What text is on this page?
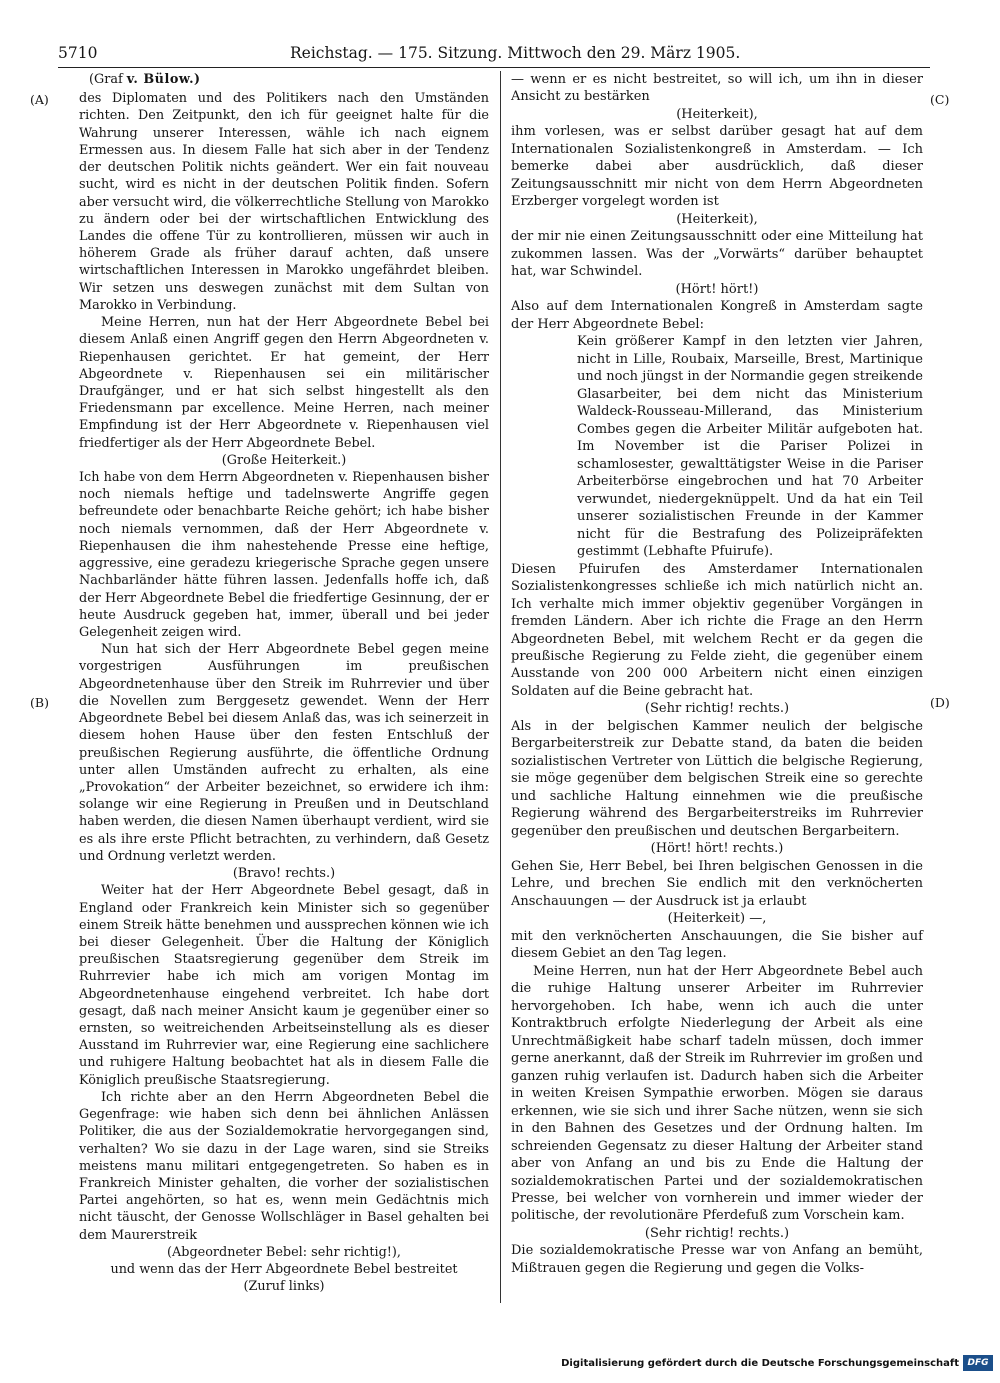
5710	Reichstag. — 175. Sitzung. Mittwoch den 29. März 1905.
(A)
(B)
(C)
(D)
(Graf v. Bülow.)

des Diplomaten und des Politikers nach den Umständen richten. Den Zeitpunkt, den ich für geeignet halte für die Wahrung unserer Interessen, wähle ich nach eignem Ermessen aus. In diesem Falle hat sich aber in der Tendenz der deutschen Politik nichts geändert. Wer ein fait nouveau sucht, wird es nicht in der deutschen Politik finden. Sofern aber versucht wird, die völkerrechtliche Stellung von Marokko zu ändern oder bei der wirtschaftlichen Entwicklung des Landes die offene Tür zu kontrollieren, müssen wir auch in höherem Grade als früher darauf achten, daß unsere wirtschaftlichen Interessen in Marokko ungefährdet bleiben. Wir setzen uns deswegen zunächst mit dem Sultan von Marokko in Verbindung.

Meine Herren, nun hat der Herr Abgeordnete Bebel bei diesem Anlaß einen Angriff gegen den Herrn Abgeordneten v. Riepenhausen gerichtet. Er hat gemeint, der Herr Abgeordnete v. Riepenhausen sei ein militärischer Draufgänger, und er hat sich selbst hingestellt als den Friedensmann par excellence. Meine Herren, nach meiner Empfindung ist der Herr Abgeordnete v. Riepenhausen viel friedfertiger als der Herr Abgeordnete Bebel.

(Große Heiterkeit.)

Ich habe von dem Herrn Abgeordneten v. Riepenhausen bisher noch niemals heftige und tadelnswerte Angriffe gegen befreundete oder benachbarte Reiche gehört; ich habe bisher noch niemals vernommen, daß der Herr Abgeordnete v. Riepenhausen die ihm nahestehende Presse eine heftige, aggressive, eine geradezu kriegerische Sprache gegen unsere Nachbarländer hätte führen lassen. Jedenfalls hoffe ich, daß der Herr Abgeordnete Bebel die friedfertige Gesinnung, der er heute Ausdruck gegeben hat, immer, überall und bei jeder Gelegenheit zeigen wird.

Nun hat sich der Herr Abgeordnete Bebel gegen meine vorgestrigen Ausführungen im preußischen Abgeordnetenhause über den Streik im Ruhrrevier und über die Novellen zum Berggesetz gewendet. Wenn der Herr Abgeordnete Bebel bei diesem Anlaß das, was ich seinerzeit in diesem hohen Hause über den festen Entschluß der preußischen Regierung ausführte, die öffentliche Ordnung unter allen Umständen aufrecht zu erhalten, als eine „Provokation“ der Arbeiter bezeichnet, so erwidere ich ihm: solange wir eine Regierung in Preußen und in Deutschland haben werden, die diesen Namen überhaupt verdient, wird sie es als ihre erste Pflicht betrachten, zu verhindern, daß Gesetz und Ordnung verletzt werden.

(Bravo! rechts.)

Weiter hat der Herr Abgeordnete Bebel gesagt, daß in England oder Frankreich kein Minister sich so gegenüber einem Streik hätte benehmen und aussprechen können wie ich bei dieser Gelegenheit. Über die Haltung der Königlich preußischen Staatsregierung gegenüber dem Streik im Ruhrrevier habe ich mich am vorigen Montag im Abgeordnetenhause eingehend verbreitet. Ich habe dort gesagt, daß nach meiner Ansicht kaum je gegenüber einer so ernsten, so weitreichenden Arbeitseinstellung als es dieser Ausstand im Ruhrrevier war, eine Regierung eine sachlichere und ruhigere Haltung beobachtet hat als in diesem Falle die Königlich preußische Staatsregierung.

Ich richte aber an den Herrn Abgeordneten Bebel die Gegenfrage: wie haben sich denn bei ähnlichen Anlässen Politiker, die aus der Sozialdemokratie hervorgegangen sind, verhalten? Wo sie dazu in der Lage waren, sind sie Streiks meistens manu militari entgegengetreten. So haben es in Frankreich Minister gehalten, die vorher der sozialistischen Partei angehörten, so hat es, wenn mein Gedächtnis mich nicht täuscht, der Genosse Wollschläger in Basel gehalten bei dem Maurerstreik

(Abgeordneter Bebel: sehr richtig!),
und wenn das der Herr Abgeordnete Bebel bestreitet
(Zuruf links)

— wenn er es nicht bestreitet, so will ich, um ihn in dieser Ansicht zu bestärken

(Heiterkeit),

ihm vorlesen, was er selbst darüber gesagt hat auf dem Internationalen Sozialistenkongreß in Amsterdam. — Ich bemerke dabei aber ausdrücklich, daß dieser Zeitungsausschnitt mir nicht von dem Herrn Abgeordneten Erzberger vorgelegt worden ist

(Heiterkeit),

der mir nie einen Zeitungsausschnitt oder eine Mitteilung hat zukommen lassen. Was der „Vorwärts“ darüber behauptet hat, war Schwindel.

(Hört! hört!)

Also auf dem Internationalen Kongreß in Amsterdam sagte der Herr Abgeordnete Bebel:

Kein größerer Kampf in den letzten vier Jahren, nicht in Lille, Roubaix, Marseille, Brest, Martinique und noch jüngst in der Normandie gegen streikende Glasarbeiter, bei dem nicht das Ministerium Waldeck-Rousseau-Millerand, das Ministerium Combes gegen die Arbeiter Militär aufgeboten hat. Im November ist die Pariser Polizei in schamlosester, gewalttätigster Weise in die Pariser Arbeiterbörse eingebrochen und hat 70 Arbeiter verwundet, niedergeknüppelt. Und da hat ein Teil unserer sozialistischen Freunde in der Kammer nicht für die Bestrafung des Polizeipräfekten gestimmt (Lebhafte Pfuirufe).

Diesen Pfuirufen des Amsterdamer Internationalen Sozialistenkongresses schließe ich mich natürlich nicht an. Ich verhalte mich immer objektiv gegenüber Vorgängen in fremden Ländern. Aber ich richte die Frage an den Herrn Abgeordneten Bebel, mit welchem Recht er da gegen die preußische Regierung zu Felde zieht, die gegenüber einem Ausstande von 200 000 Arbeitern nicht einen einzigen Soldaten auf die Beine gebracht hat.

(Sehr richtig! rechts.)

Als in der belgischen Kammer neulich der belgische Bergarbeiterstreik zur Debatte stand, da baten die beiden sozialistischen Vertreter von Lüttich die belgische Regierung, sie möge gegenüber dem belgischen Streik eine so gerechte und sachliche Haltung einnehmen wie die preußische Regierung während des Bergarbeiterstreiks im Ruhrrevier gegenüber den preußischen und deutschen Bergarbeitern.

(Hört! hört! rechts.)

Gehen Sie, Herr Bebel, bei Ihren belgischen Genossen in die Lehre, und brechen Sie endlich mit den verknöcherten Anschauungen — der Ausdruck ist ja erlaubt

(Heiterkeit) —,

mit den verknöcherten Anschauungen, die Sie bisher auf diesem Gebiet an den Tag legen.

Meine Herren, nun hat der Herr Abgeordnete Bebel auch die ruhige Haltung unserer Arbeiter im Ruhrrevier hervorgehoben. Ich habe, wenn ich auch die unter Kontraktbruch erfolgte Niederlegung der Arbeit als eine Unrechtmäßigkeit habe scharf tadeln müssen, doch immer gerne anerkannt, daß der Streik im Ruhrrevier im großen und ganzen ruhig verlaufen ist. Dadurch haben sich die Arbeiter in weiten Kreisen Sympathie erworben. Mögen sie daraus erkennen, wie sie sich und ihrer Sache nützen, wenn sie sich in den Bahnen des Gesetzes und der Ordnung halten. Im schreienden Gegensatz zu dieser Haltung der Arbeiter stand aber von Anfang an und bis zu Ende die Haltung der sozialdemokratischen Partei und der sozialdemokratischen Presse, bei welcher von vornherein und immer wieder der politische, der revolutionäre Pferdefuß zum Vorschein kam.

(Sehr richtig! rechts.)

Die sozialdemokratische Presse war von Anfang an bemüht, Mißtrauen gegen die Regierung und gegen die Volks-

Digitalisierung gefördert durch die Deutsche Forschungsgemeinschaft DFG
